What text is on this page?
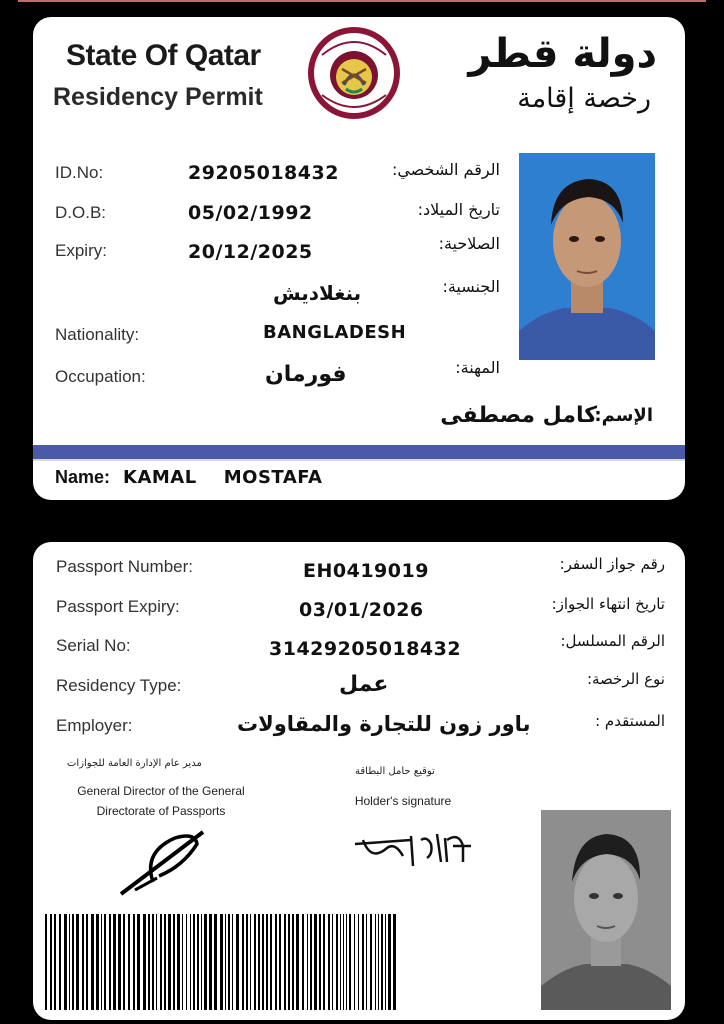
State Of Qatar
Residency Permit
دولة قطر
رخصة إقامة
ID.No:	29205018432	الرقم الشخصي:
D.O.B:	05/02/1992	تاريخ الميلاد:
Expiry:	20/12/2025	الصلاحية:
بنغلاديش	الجنسية:
Nationality:	BANGLADESH
Occupation:	فورمان	المهنة:
الإسم:
كامل مصطفى
Name: KAMAL    MOSTAFA
Passport Number:	EH0419019	رقم جواز السفر:
Passport Expiry:	03/01/2026	تاريخ انتهاء الجواز:
Serial No:	31429205018432	الرقم المسلسل:
Residency Type:	عمل	نوع الرخصة:
Employer:	باور زون للتجارة والمقاولات	المستقدم :
مدير عام الإدارة العامة للجوازات
General Director of the General
Directorate of Passports
توقيع حامل البطاقة
Holder's signature
